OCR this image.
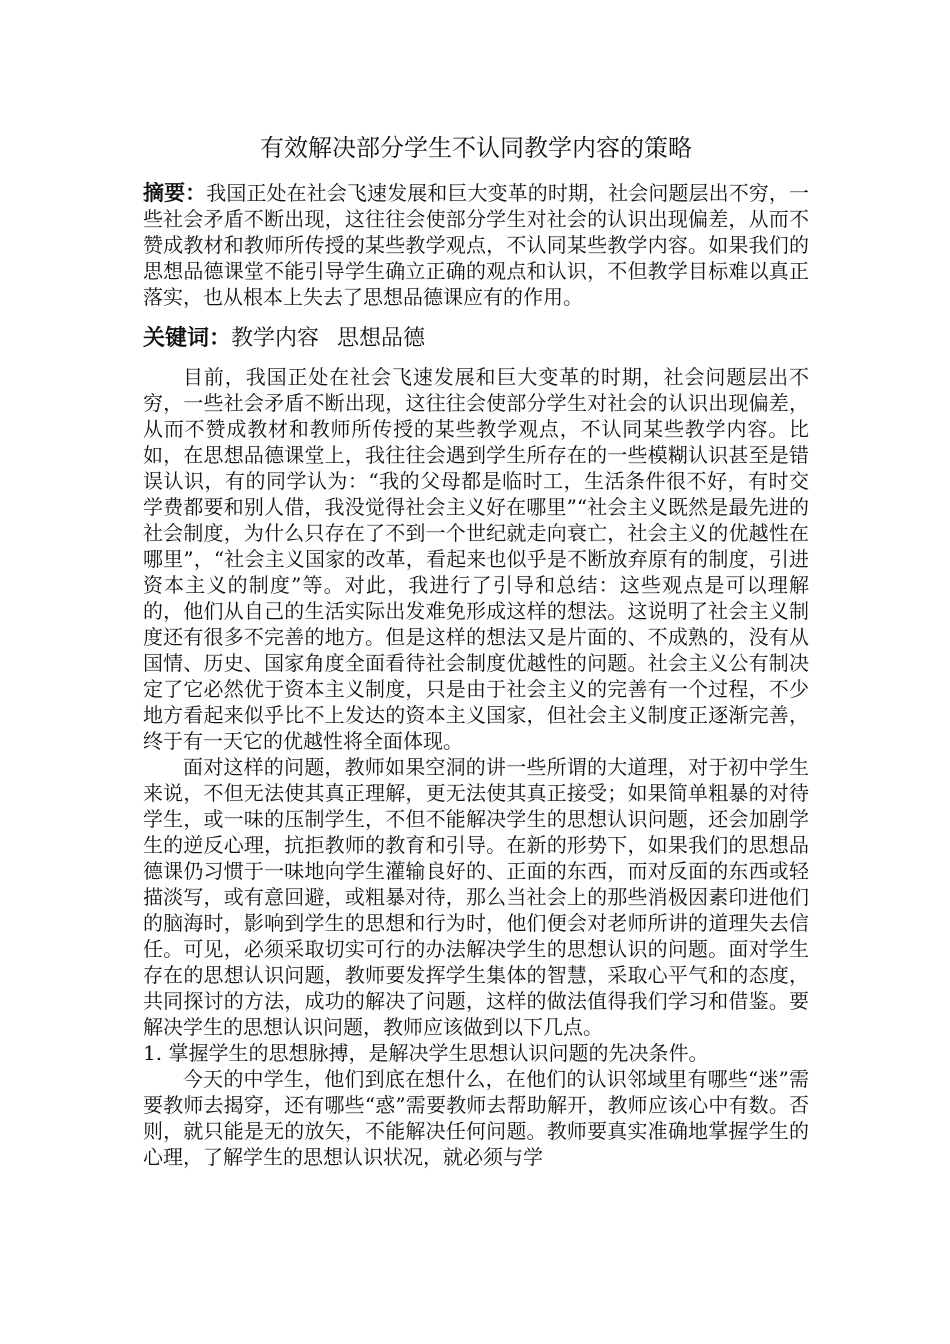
有效解决部分学生不认同教学内容的策略

摘要：我国正处在社会飞速发展和巨大变革的时期，社会问题层出不穷，一些社会矛盾不断出现，这往往会使部分学生对社会的认识出现偏差，从而不赞成教材和教师所传授的某些教学观点，不认同某些教学内容。如果我们的思想品德课堂不能引导学生确立正确的观点和认识，不但教学目标难以真正落实，也从根本上失去了思想品德课应有的作用。

关键词：教学内容 思想品德

目前，我国正处在社会飞速发展和巨大变革的时期，社会问题层出不穷，一些社会矛盾不断出现，这往往会使部分学生对社会的认识出现偏差，从而不赞成教材和教师所传授的某些教学观点，不认同某些教学内容。比如，在思想品德课堂上，我往往会遇到学生所存在的一些模糊认识甚至是错误认识，有的同学认为：“我的父母都是临时工，生活条件很不好，有时交学费都要和别人借，我没觉得社会主义好在哪里”“社会主义既然是最先进的社会制度，为什么只存在了不到一个世纪就走向衰亡，社会主义的优越性在哪里”，“社会主义国家的改革，看起来也似乎是不断放弃原有的制度，引进资本主义的制度”等。对此，我进行了引导和总结：这些观点是可以理解的，他们从自己的生活实际出发难免形成这样的想法。这说明了社会主义制度还有很多不完善的地方。但是这样的想法又是片面的、不成熟的，没有从国情、历史、国家角度全面看待社会制度优越性的问题。社会主义公有制决定了它必然优于资本主义制度，只是由于社会主义的完善有一个过程，不少地方看起来似乎比不上发达的资本主义国家，但社会主义制度正逐渐完善，终于有一天它的优越性将全面体现。

面对这样的问题，教师如果空洞的讲一些所谓的大道理，对于初中学生来说，不但无法使其真正理解，更无法使其真正接受；如果简单粗暴的对待学生，或一味的压制学生，不但不能解决学生的思想认识问题，还会加剧学生的逆反心理，抗拒教师的教育和引导。在新的形势下，如果我们的思想品德课仍习惯于一味地向学生灌输良好的、正面的东西，而对反面的东西或轻描淡写，或有意回避，或粗暴对待，那么当社会上的那些消极因素印进他们的脑海时，影响到学生的思想和行为时，他们便会对老师所讲的道理失去信任。可见，必须采取切实可行的办法解决学生的思想认识的问题。面对学生存在的思想认识问题，教师要发挥学生集体的智慧，采取心平气和的态度，共同探讨的方法，成功的解决了问题，这样的做法值得我们学习和借鉴。要解决学生的思想认识问题，教师应该做到以下几点。

1. 掌握学生的思想脉搏，是解决学生思想认识问题的先决条件。

今天的中学生，他们到底在想什么，在他们的认识邻域里有哪些“迷”需要教师去揭穿，还有哪些“惑”需要教师去帮助解开，教师应该心中有数。否则，就只能是无的放矢，不能解决任何问题。教师要真实准确地掌握学生的心理，了解学生的思想认识状况，就必须与学
